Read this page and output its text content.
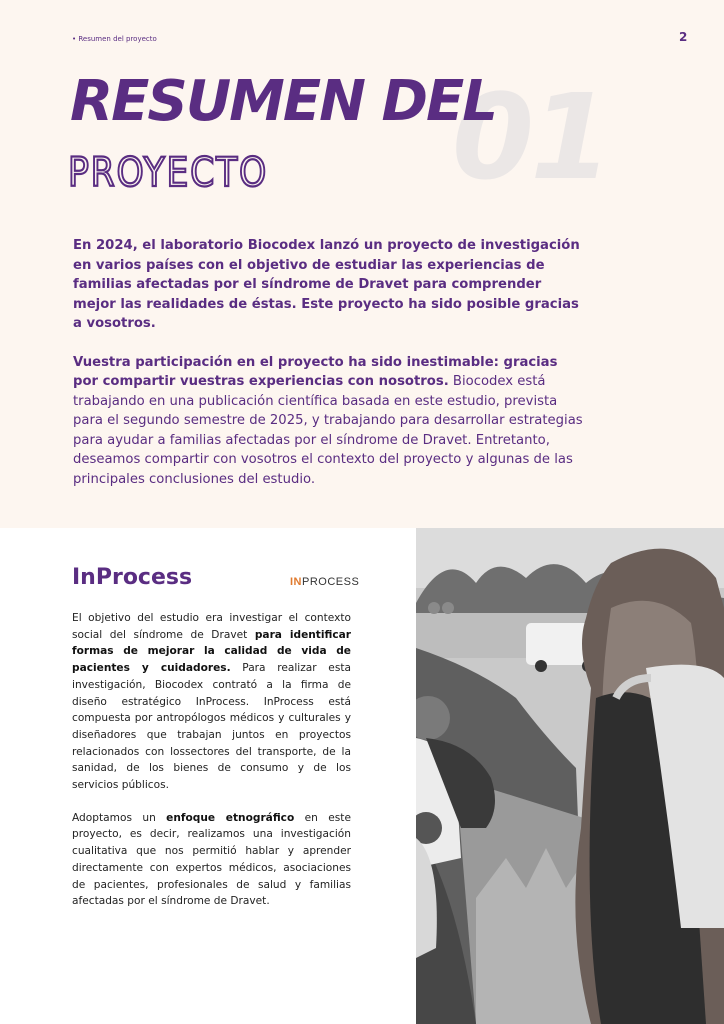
• Resumen del proyecto	2
01
RESUMEN DEL
PROYECTO

En 2024, el laboratorio Biocodex lanzó un proyecto de investigación en varios países con el objetivo de estudiar las experiencias de familias afectadas por el síndrome de Dravet para comprender mejor las realidades de éstas. Este proyecto ha sido posible gracias a vosotros.

Vuestra participación en el proyecto ha sido inestimable: gracias por compartir vuestras experiencias con nosotros. Biocodex está trabajando en una publicación científica basada en este estudio, prevista para el segundo semestre de 2025, y trabajando para desarrollar estrategias para ayudar a familias afectadas por el síndrome de Dravet. Entretanto, deseamos compartir con vosotros el contexto del proyecto y algunas de las principales conclusiones del estudio.

InProcess	INPROCESS

El objetivo del estudio era investigar el contexto social del síndrome de Dravet para identificar formas de mejorar la calidad de vida de pacientes y cuidadores. Para realizar esta investigación, Biocodex contrató a la firma de diseño estratégico InProcess. InProcess está compuesta por antropólogos médicos y culturales y diseñadores que trabajan juntos en proyectos relacionados con lossectores del transporte, de la sanidad, de los bienes de consumo y de los servicios públicos.

Adoptamos un enfoque etnográfico en este proyecto, es decir, realizamos una investigación cualitativa que nos permitió hablar y aprender directamente con expertos médicos, asociaciones de pacientes, profesionales de salud y familias afectadas por el síndrome de Dravet.
